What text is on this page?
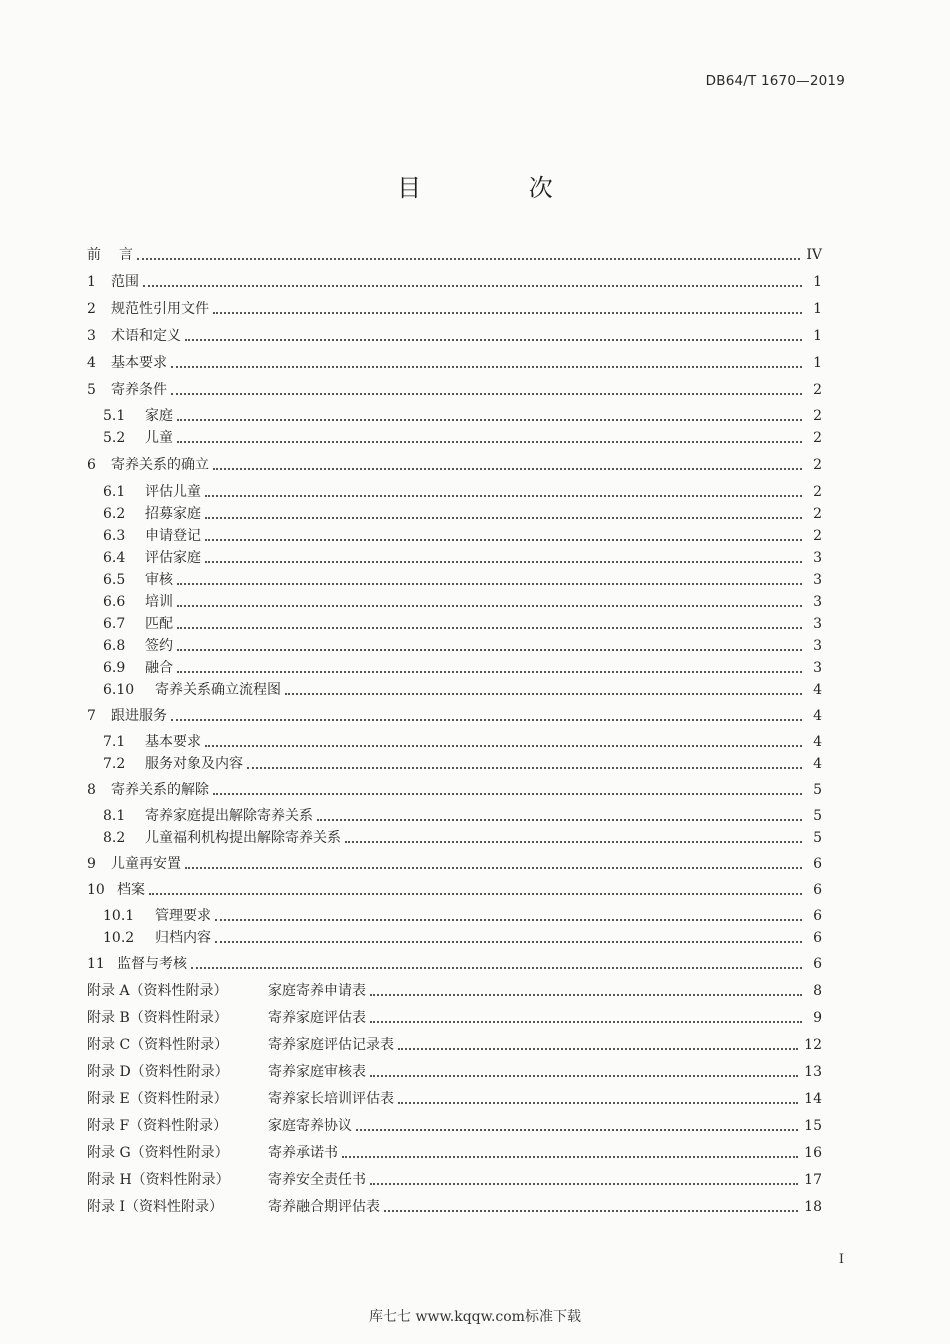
DB64/T 1670—2019
目 次
前	言	IV
1	范围	1
2	规范性引用文件	1
3	术语和定义	1
4	基本要求	1
5	寄养条件	2
5.1	家庭	2
5.2	儿童	2
6	寄养关系的确立	2
6.1	评估儿童	2
6.2	招募家庭	2
6.3	申请登记	2
6.4	评估家庭	3
6.5	审核	3
6.6	培训	3
6.7	匹配	3
6.8	签约	3
6.9	融合	3
6.10	寄养关系确立流程图	4
7	跟进服务	4
7.1	基本要求	4
7.2	服务对象及内容	4
8	寄养关系的解除	5
8.1	寄养家庭提出解除寄养关系	5
8.2	儿童福利机构提出解除寄养关系	5
9	儿童再安置	6
10 档案	6
10.1	管理要求	6
10.2	归档内容	6
11 监督与考核	6
附录 A（资料性附录）	家庭寄养申请表	8
附录 B（资料性附录）	寄养家庭评估表	9
附录 C（资料性附录）	寄养家庭评估记录表	12
附录 D（资料性附录）	寄养家庭审核表	13
附录 E（资料性附录）	寄养家长培训评估表	14
附录 F（资料性附录）	家庭寄养协议	15
附录 G（资料性附录）	寄养承诺书	16
附录 H（资料性附录）	寄养安全责任书	17
附录 I（资料性附录）	寄养融合期评估表	18
I
库七七 www.kqqw.com标准下载
